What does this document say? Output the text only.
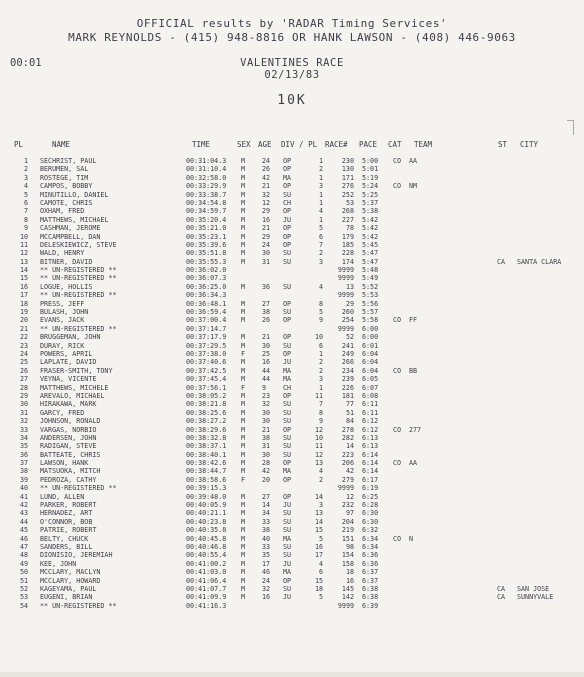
OFFICIAL results by 'RADAR Timing Services'
MARK REYNOLDS - (415) 948-8816 OR HANK LAWSON - (408) 446-9063
00:01	VALENTINES RACE
02/13/83
10K
PL	NAME	TIME	SEX AGE DIV / PL RACE# PACE CAT TEAM	ST CITY
1 SECHRIST, PAUL	00:31:04.3 M	24 OP	1	230 5:00 CO AA
2 BERUMEN, SAL	00:31:10.4 M	26 OP	2	130 5:01
3 ROSTEGE, TIM	00:32:58.0 M	42 MA	1	171 5:19
4 CAMPOS, BOBBY	00:33:29.9 M	21 OP	3	276 5:24 CO NM
5 MINUTILLO, DANIEL	00:33:38.7 M	32 SU	1	252 5:25
6 CAMOTE, CHRIS	00:34:54.8 M	12 CH	1	53 5:37
7 OXHAM, FRED	00:34:59.7 M	29 OP	4	268 5:38
8 MATTHEWS, MICHAEL	00:35:20.4 M	16 JU	1	227 5:42
9 CASHMAN, JEROME	00:35:21.0 M	21 OP	5	78 5:42
10 MCCAMPBELL, DAN	00:35:23.1 M	29 OP	6	179 5:42
11 DELESKIEWICZ, STEVE	00:35:39.6 M	24 OP	7	185 5:45
12 WALD, HENRY	00:35:51.8 M	30 SU	2	228 5:47
13 BITNER, DAVID	00:35:55.3 M	31 SU	3	174 5:47	CA SANTA CLARA
14 ** UN-REGISTERED **	00:36:02.0	9999 5:48
15 ** UN-REGISTERED **	00:36:07.3	9999 5:49
16 LOGUE, HOLLIS	00:36:25.0 M	36 SU	4	13 5:52
17 ** UN-REGISTERED **	00:36:34.3	9999 5:53
18 PRESS, JEFF	00:36:48.1 M	27 OP	8	29 5:56
19 BULASH, JOHN	00:36:59.4 M	38 SU	5	260 5:57
20 EVANS, JACK	00:37:00.4 M	26 OP	9	254 5:58 CO FF
21 ** UN-REGISTERED **	00:37:14.7	9999 6:00
22 BRUGGEMAN, JOHN	00:37:17.9 M	21 OP	10	52 6:00
23 DURAY, RICK	00:37:29.5 M	30 SU	6	241 6:01
24 POWERS, APRIL	00:37:38.0 F	25 OP	1	249 6:04
25 LAPLATE, DAVID	00:37:40.6 M	16 JU	2	266 6:04
26 FRASER-SMITH, TONY	00:37:42.5 M	44 MA	2	234 6:04 CO BB
27 VEYNA, VICENTE	00:37:45.4 M	44 MA	3	239 6:05
28 MATTHEWS, MICHELE	00:37:56.1 F	9	CH	1	226 6:07
29 AREVALO, MICHAEL	00:38:05.2 M	23 OP	11	181 6:08
30 HIRAKAWA, MARK	00:38:21.8 M	32 SU	7	77 6:11
31 GARCY, FRED	00:38:25.6 M	30 SU	8	51 6:11
32 JOHNSON, RONALD	00:38:27.2 M	30 SU	9	84 6:12
33 VARGAS, NORBIO	00:38:29.6 M	21 OP	12	278 6:12 CO 277
34 ANDERSEN, JOHN	00:38:32.8 M	38 SU	10	282 6:13
35 RADIGAN, STEVE	00:38:37.1 M	31 SU	11	14 6:13
36 BATTEATE, CHRIS	00:38:40.1 M	30 SU	12	223 6:14
37 LAWSON, HANK	00:38:42.6 M	28 OP	13	206 6:14 CO AA
38 MATSUOKA, MITCH	00:38:44.7 M	42 MA	4	42 6:14
39 PEDROZA, CATHY	00:38:58.6 F	20 OP	2	279 6:17
40 ** UN-REGISTERED **	00:39:15.3	9999 6:19
41 LUND, ALLEN	00:39:48.0 M	27 OP	14	12 6:25
42 PARKER, ROBERT	00:40:05.9 M	14 JU	3	232 6:28
43 HERNADEZ, ART	00:40:21.1 M	34 SU	13	97 6:30
44 O'CONNOR, BOB	00:40:23.8 M	33 SU	14	204 6:30
45 PATRIE, ROBERT	00:40:35.8 M	38 SU	15	219 6:32
46 BELTY, CHUCK	00:40:45.8 M	40 MA	5	151 6:34 CO N
47 SANDERS, BILL	00:40:46.8 M	33 SU	16	98 6:34
48 DIONISIO, JEREMIAH	00:40:55.4 M	35 SU	17	154 6:36
49 KEE, JOHN	00:41:00.2 M	17 JU	4	158 6:36
50 MCCLARY, MACLYN	00:41:03.0 M	46 MA	6	18 6:37
51 MCCLARY, HOWARD	00:41:06.4 M	24 OP	15	16 6:37
52 KAGEYAMA, PAUL	00:41:07.7 M	32 SU	18	145 6:38	CA SAN JOSE
53 EUGENI, BRIAN	00:41:09.9 M	16 JU	5	142 6:38	CA SUNNYVALE
54 ** UN-REGISTERED **	00:41:16.3	9999 6:39
